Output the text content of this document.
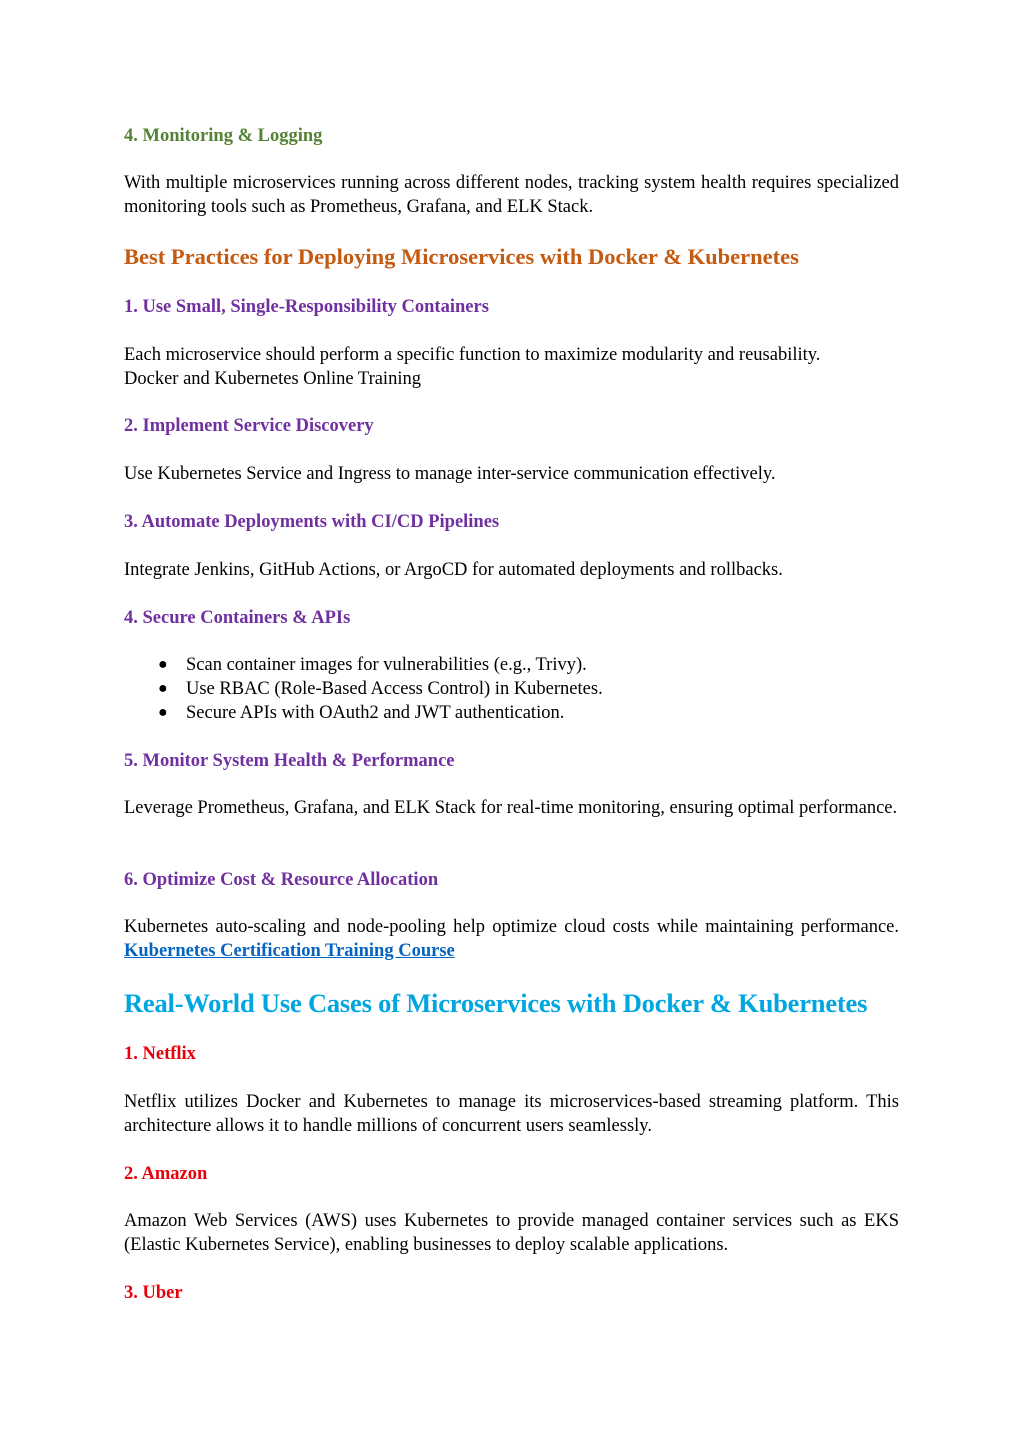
4. Monitoring & Logging

With multiple microservices running across different nodes, tracking system health requires specialized monitoring tools such as Prometheus, Grafana, and ELK Stack.

Best Practices for Deploying Microservices with Docker & Kubernetes
1. Use Small, Single-Responsibility Containers

Each microservice should perform a specific function to maximize modularity and reusability.

Docker and Kubernetes Online Training

2. Implement Service Discovery

Use Kubernetes Service and Ingress to manage inter-service communication effectively.

3. Automate Deployments with CI/CD Pipelines

Integrate Jenkins, GitHub Actions, or ArgoCD for automated deployments and rollbacks.

4. Secure Containers & APIs
● Scan container images for vulnerabilities (e.g., Trivy).
● Use RBAC (Role-Based Access Control) in Kubernetes.
● Secure APIs with OAuth2 and JWT authentication.
5. Monitor System Health & Performance

Leverage Prometheus, Grafana, and ELK Stack for real-time monitoring, ensuring optimal performance.

6. Optimize Cost & Resource Allocation

Kubernetes auto-scaling and node-pooling help optimize cloud costs while maintaining performance. Kubernetes Certification Training Course

Real-World Use Cases of Microservices with Docker & Kubernetes
1. Netflix

Netflix utilizes Docker and Kubernetes to manage its microservices-based streaming platform. This architecture allows it to handle millions of concurrent users seamlessly.

2. Amazon

Amazon Web Services (AWS) uses Kubernetes to provide managed container services such as EKS (Elastic Kubernetes Service), enabling businesses to deploy scalable applications.

3. Uber
